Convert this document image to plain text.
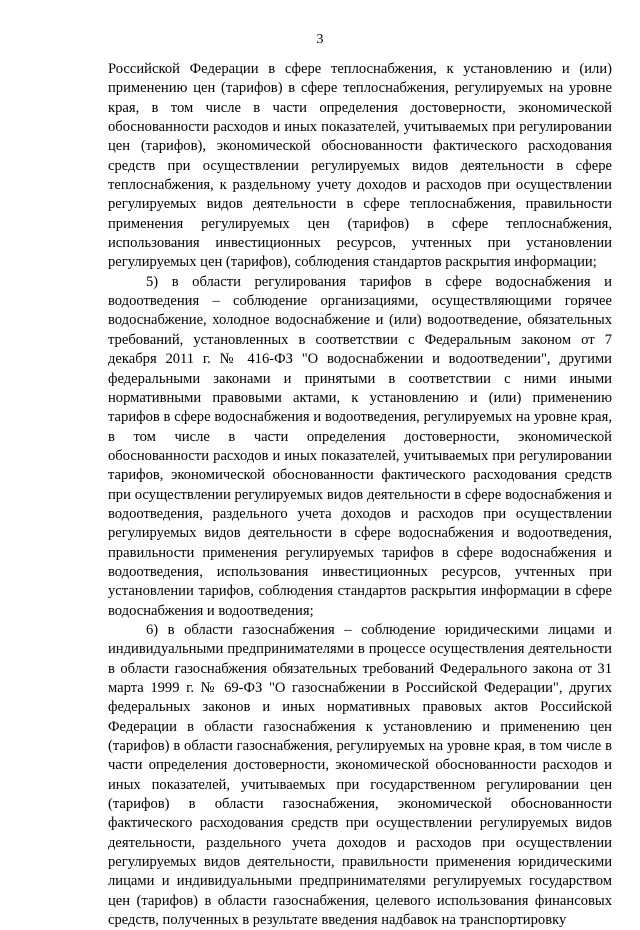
3

Российской Федерации в сфере теплоснабжения, к установлению и (или) применению цен (тарифов) в сфере теплоснабжения, регулируемых на уровне края, в том числе в части определения достоверности, экономической обоснованности расходов и иных показателей, учитываемых при регулировании цен (тарифов), экономической обоснованности фактического расходования средств при осуществлении регулируемых видов деятельности в сфере теплоснабжения, к раздельному учету доходов и расходов при осуществлении регулируемых видов деятельности в сфере теплоснабжения, правильности применения регулируемых цен (тарифов) в сфере теплоснабжения, использования инвестиционных ресурсов, учтенных при установлении регулируемых цен (тарифов), соблюдения стандартов раскрытия информации;

5) в области регулирования тарифов в сфере водоснабжения и водоотведения – соблюдение организациями, осуществляющими горячее водоснабжение, холодное водоснабжение и (или) водоотведение, обязательных требований, установленных в соответствии с Федеральным законом от 7 декабря 2011 г. № 416-ФЗ "О водоснабжении и водоотведении", другими федеральными законами и принятыми в соответствии с ними иными нормативными правовыми актами, к установлению и (или) применению тарифов в сфере водоснабжения и водоотведения, регулируемых на уровне края, в том числе в части определения достоверности, экономической обоснованности расходов и иных показателей, учитываемых при регулировании тарифов, экономической обоснованности фактического расходования средств при осуществлении регулируемых видов деятельности в сфере водоснабжения и водоотведения, раздельного учета доходов и расходов при осуществлении регулируемых видов деятельности в сфере водоснабжения и водоотведения, правильности применения регулируемых тарифов в сфере водоснабжения и водоотведения, использования инвестиционных ресурсов, учтенных при установлении тарифов, соблюдения стандартов раскрытия информации в сфере водоснабжения и водоотведения;

6) в области газоснабжения – соблюдение юридическими лицами и индивидуальными предпринимателями в процессе осуществления деятельности в области газоснабжения обязательных требований Федерального закона от 31 марта 1999 г. № 69-ФЗ "О газоснабжении в Российской Федерации", других федеральных законов и иных нормативных правовых актов Российской Федерации в области газоснабжения к установлению и применению цен (тарифов) в области газоснабжения, регулируемых на уровне края, в том числе в части определения достоверности, экономической обоснованности расходов и иных показателей, учитываемых при государственном регулировании цен (тарифов) в области газоснабжения, экономической обоснованности фактического расходования средств при осуществлении регулируемых видов деятельности, раздельного учета доходов и расходов при осуществлении регулируемых видов деятельности, правильности применения юридическими лицами и индивидуальными предпринимателями регулируемых государством цен (тарифов) в области газоснабжения, целевого использования финансовых средств, полученных в результате введения надбавок на транспортировку
